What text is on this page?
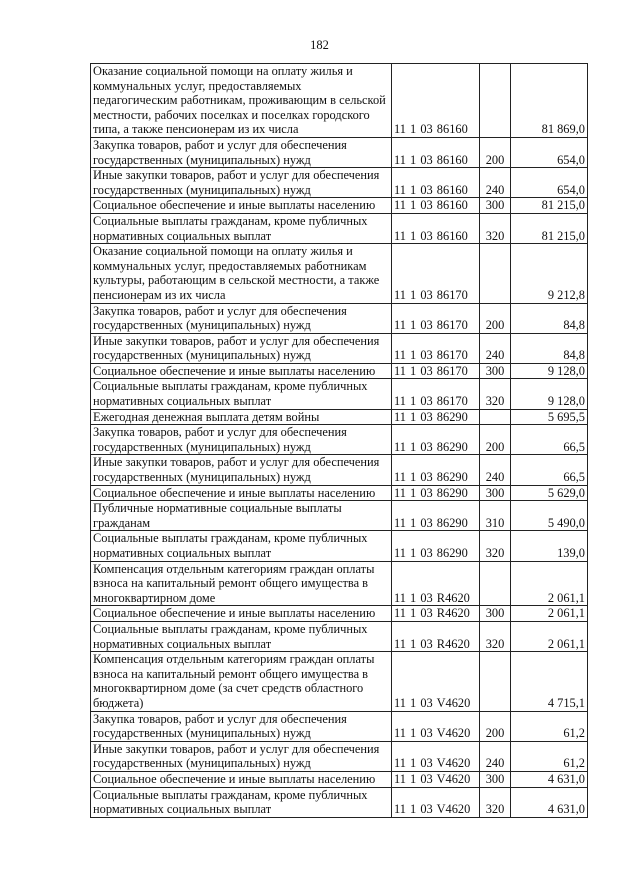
182
Оказание социальной помощи на оплату жилья и коммунальных услуг, предоставляемых педагогическим работникам, проживающим в сельской местности, рабочих поселках и поселках городского типа, а также пенсионерам из их числа	11 1 03 86160		81 869,0
Закупка товаров, работ и услуг для обеспечения государственных (муниципальных) нужд	11 1 03 86160	200	654,0
Иные закупки товаров, работ и услуг для обеспечения государственных (муниципальных) нужд	11 1 03 86160	240	654,0
Социальное обеспечение и иные выплаты населению	11 1 03 86160	300	81 215,0
Социальные выплаты гражданам, кроме публичных нормативных социальных выплат	11 1 03 86160	320	81 215,0
Оказание социальной помощи на оплату жилья и коммунальных услуг, предоставляемых работникам культуры, работающим в сельской местности, а также пенсионерам из их числа	11 1 03 86170		9 212,8
Закупка товаров, работ и услуг для обеспечения государственных (муниципальных) нужд	11 1 03 86170	200	84,8
Иные закупки товаров, работ и услуг для обеспечения государственных (муниципальных) нужд	11 1 03 86170	240	84,8
Социальное обеспечение и иные выплаты населению	11 1 03 86170	300	9 128,0
Социальные выплаты гражданам, кроме публичных нормативных социальных выплат	11 1 03 86170	320	9 128,0
Ежегодная денежная выплата детям войны	11 1 03 86290		5 695,5
Закупка товаров, работ и услуг для обеспечения государственных (муниципальных) нужд	11 1 03 86290	200	66,5
Иные закупки товаров, работ и услуг для обеспечения государственных (муниципальных) нужд	11 1 03 86290	240	66,5
Социальное обеспечение и иные выплаты населению	11 1 03 86290	300	5 629,0
Публичные нормативные социальные выплаты гражданам	11 1 03 86290	310	5 490,0
Социальные выплаты гражданам, кроме публичных нормативных социальных выплат	11 1 03 86290	320	139,0
Компенсация отдельным категориям граждан оплаты взноса на капитальный ремонт общего имущества в многоквартирном доме	11 1 03 R4620		2 061,1
Социальное обеспечение и иные выплаты населению	11 1 03 R4620	300	2 061,1
Социальные выплаты гражданам, кроме публичных нормативных социальных выплат	11 1 03 R4620	320	2 061,1
Компенсация отдельным категориям граждан оплаты взноса на капитальный ремонт общего имущества в многоквартирном доме (за счет средств областного бюджета)	11 1 03 V4620		4 715,1
Закупка товаров, работ и услуг для обеспечения государственных (муниципальных) нужд	11 1 03 V4620	200	61,2
Иные закупки товаров, работ и услуг для обеспечения государственных (муниципальных) нужд	11 1 03 V4620	240	61,2
Социальное обеспечение и иные выплаты населению	11 1 03 V4620	300	4 631,0
Социальные выплаты гражданам, кроме публичных нормативных социальных выплат	11 1 03 V4620	320	4 631,0
